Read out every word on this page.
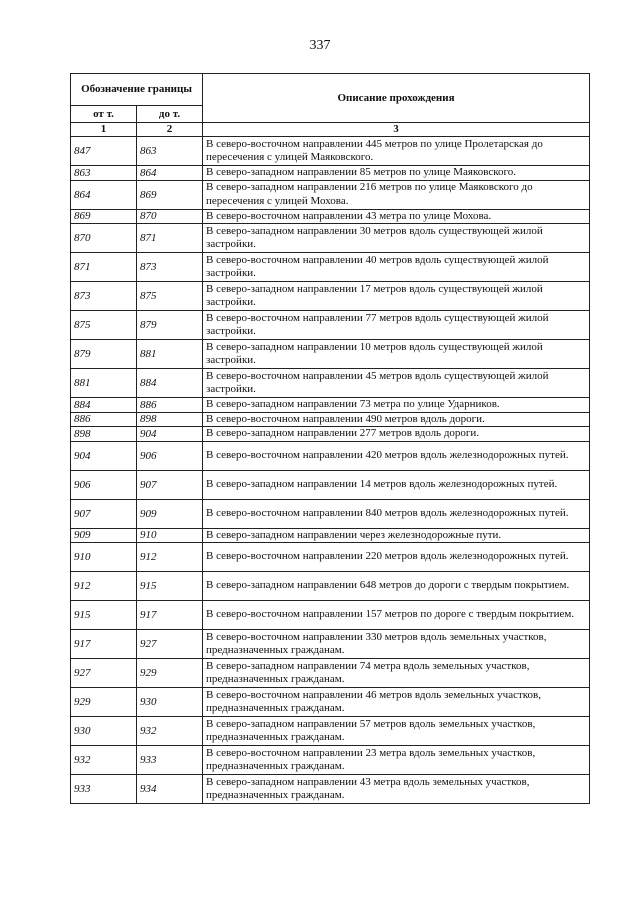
337
Обозначение границы		Описание прохождения
от т.	до т.	
1	2	3
847	863	В северо-восточном направлении 445 метров по улице Пролетарская до пересечения с улицей Маяковского.
863	864	В северо-западном направлении 85 метров по улице Маяковского.
864	869	В северо-западном направлении 216 метров по улице Маяковского до пересечения с улицей Мохова.
869	870	В северо-восточном направлении 43 метра по улице Мохова.
870	871	В северо-западном направлении 30 метров вдоль существующей жилой застройки.
871	873	В северо-восточном направлении 40 метров вдоль существующей жилой застройки.
873	875	В северо-западном направлении 17 метров вдоль существующей жилой застройки.
875	879	В северо-восточном направлении 77 метров вдоль существующей жилой застройки.
879	881	В северо-западном направлении 10 метров вдоль существующей жилой застройки.
881	884	В северо-восточном направлении 45 метров вдоль существующей жилой застройки.
884	886	В северо-западном направлении 73 метра по улице Ударников.
886	898	В северо-восточном направлении 490 метров вдоль дороги.
898	904	В северо-западном направлении 277 метров вдоль дороги.
904	906	В северо-восточном направлении 420 метров вдоль железнодорожных путей.
906	907	В северо-западном направлении 14 метров вдоль железнодорожных путей.
907	909	В северо-восточном направлении 840 метров вдоль железнодорожных путей.
909	910	В северо-западном направлении через железнодорожные пути.
910	912	В северо-восточном направлении 220 метров вдоль железнодорожных путей.
912	915	В северо-западном направлении 648 метров до дороги с твердым покрытием.
915	917	В северо-восточном направлении 157 метров по дороге с твердым покрытием.
917	927	В северо-восточном направлении 330 метров вдоль земельных участков, предназначенных гражданам.
927	929	В северо-западном направлении 74 метра вдоль земельных участков, предназначенных гражданам.
929	930	В северо-восточном направлении 46 метров вдоль земельных участков, предназначенных гражданам.
930	932	В северо-западном направлении 57 метров вдоль земельных участков, предназначенных гражданам.
932	933	В северо-восточном направлении 23 метра вдоль земельных участков, предназначенных гражданам.
933	934	В северо-западном направлении 43 метра вдоль земельных участков, предназначенных гражданам.
